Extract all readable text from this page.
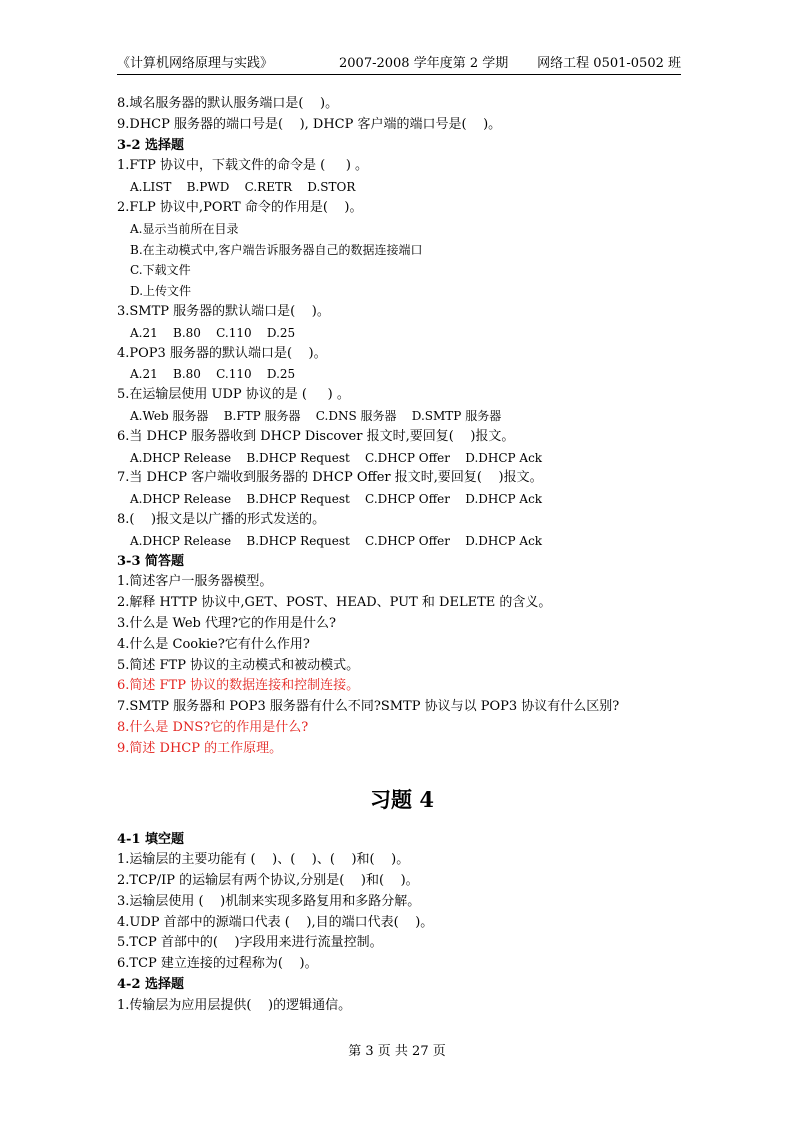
《计算机网络原理与实践》	2007-2008 学年度第 2 学期 网络工程 0501-0502 班
8.域名服务器的默认服务端口是(    )。
9.DHCP 服务器的端口号是(    ), DHCP 客户端的端口号是(    )。
3-2 选择题
1.FTP 协议中，下载文件的命令是 (     ) 。
A.LIST    B.PWD    C.RETR    D.STOR
2.FLP 协议中,PORT 命令的作用是(    )。
A.显示当前所在目录
B.在主动模式中,客户端告诉服务器自己的数据连接端口
C.下载文件
D.上传文件
3.SMTP 服务器的默认端口是(    )。
A.21    B.80    C.110    D.25
4.POP3 服务器的默认端口是(    )。
A.21    B.80    C.110    D.25
5.在运输层使用 UDP 协议的是 (     ) 。
A.Web 服务器    B.FTP 服务器    C.DNS 服务器    D.SMTP 服务器
6.当 DHCP 服务器收到 DHCP Discover 报文时,要回复(    )报文。
A.DHCP Release    B.DHCP Request    C.DHCP Offer    D.DHCP Ack
7.当 DHCP 客户端收到服务器的 DHCP Offer 报文时,要回复(    )报文。
A.DHCP Release    B.DHCP Request    C.DHCP Offer    D.DHCP Ack
8.(    )报文是以广播的形式发送的。
A.DHCP Release    B.DHCP Request    C.DHCP Offer    D.DHCP Ack
3-3 简答题
1.简述客户一服务器模型。
2.解释 HTTP 协议中,GET、POST、HEAD、PUT 和 DELETE 的含义。
3.什么是 Web 代理?它的作用是什么?
4.什么是 Cookie?它有什么作用?
5.简述 FTP 协议的主动模式和被动模式。
6.简述 FTP 协议的数据连接和控制连接。
7.SMTP 服务器和 POP3 服务器有什么不同?SMTP 协议与以 POP3 协议有什么区别?
8.什么是 DNS?它的作用是什么?
9.简述 DHCP 的工作原理。
习题 4
4-1 填空题
1.运输层的主要功能有 (    )、(    )、(    )和(    )。
2.TCP/IP 的运输层有两个协议,分别是(    )和(    )。
3.运输层使用 (    )机制来实现多路复用和多路分解。
4.UDP 首部中的源端口代表 (    ),目的端口代表(    )。
5.TCP 首部中的(    )字段用来进行流量控制。
6.TCP 建立连接的过程称为(    )。
4-2 选择题
1.传输层为应用层提供(    )的逻辑通信。
第 3 页 共 27 页
